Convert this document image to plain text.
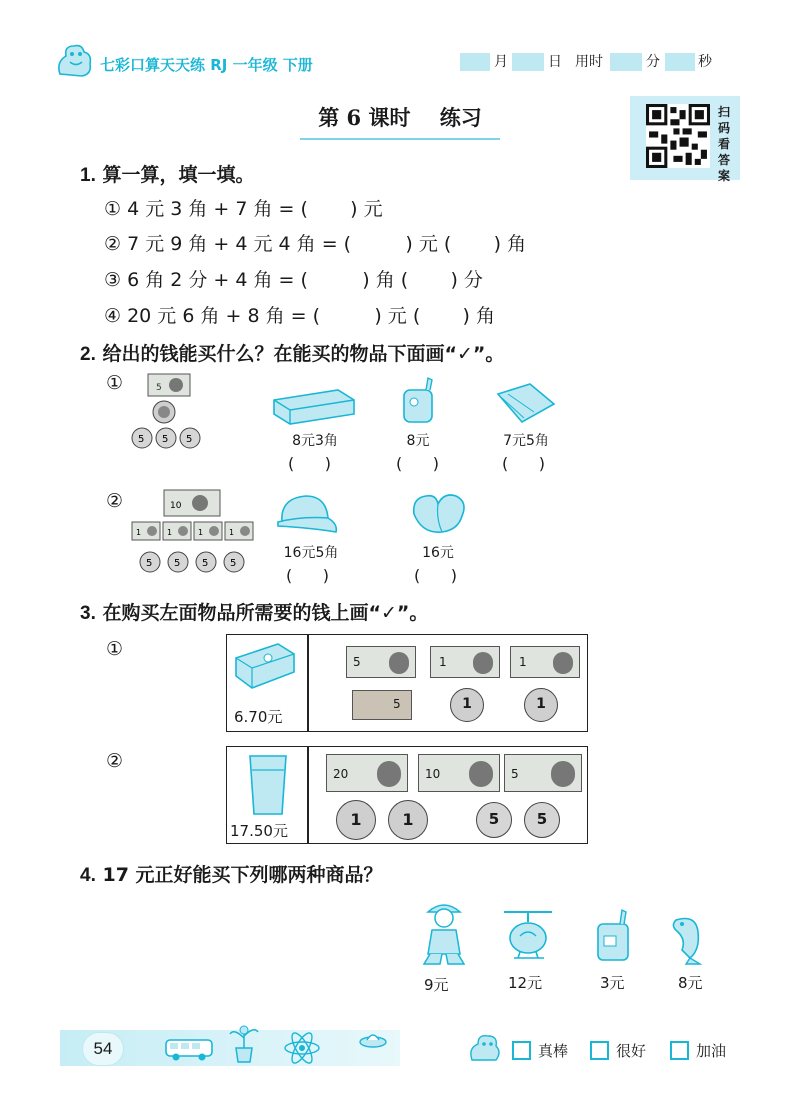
七彩口算天天练 RJ 一年级 下册	月	日 用时	分	秒
第 6 课时    练习	扫码看答案
1. 算一算，填一填。
① 4 元 3 角 + 7 角 = (       ) 元
② 7 元 9 角 + 4 元 4 角 = (         ) 元 (       ) 角
③ 6 角 2 分 + 4 角 = (         ) 角 (       ) 分
④ 20 元 6 角 + 8 角 = (         ) 元 (       ) 角
2. 给出的钱能买什么？在能买的物品下面画“✓”。
①	5
5 5 5	8元3角
(      )
8元
(      )
7元5角
(      )
②	10
1	1	1	1
5 5 5 5
16元5角
(      )
16元
(      )
3. 在购买左面物品所需要的钱上画“✓”。
①
6.70元
5	1	1
5	1	1
②
17.50元
20	10	5
1	1	5	5
4. 17 元正好能买下列哪两种商品？
9元	12元	3元	8元
54	真棒	很好	加油
